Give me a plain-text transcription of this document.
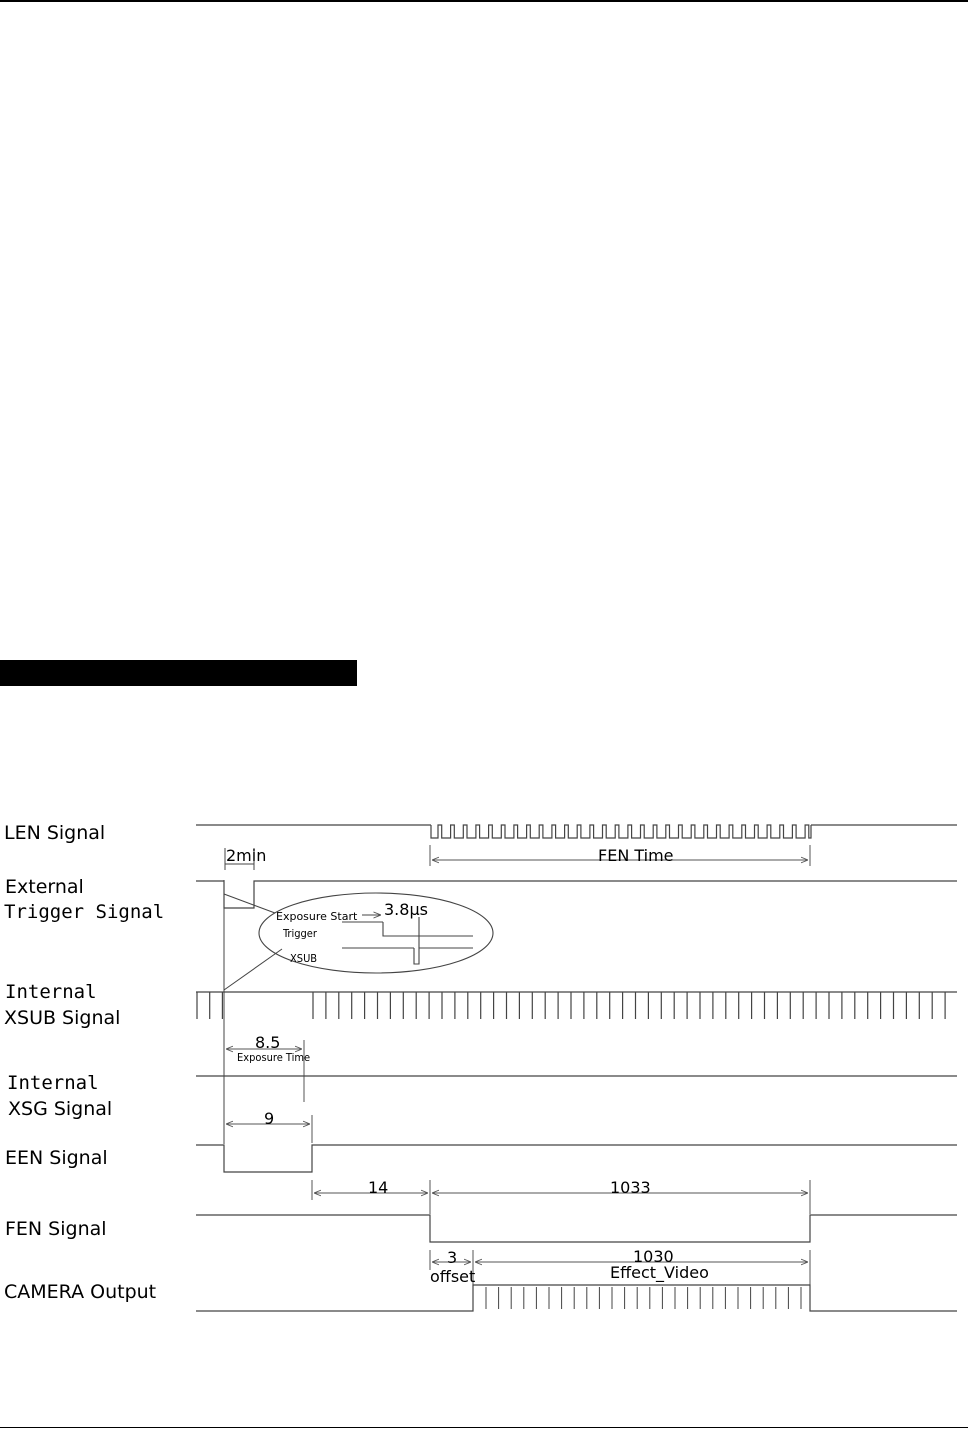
LEN Signal
External
Trigger Signal
Internal
XSUB Signal
Internal
XSG Signal
EEN Signal
FEN Signal
CAMERA Output
2min	FEN Time
Exposure Start 3.8μs
Trigger
XSUB
8.5
Exposure Time
9
14	1033
3
offset
1030
Effect_Video
